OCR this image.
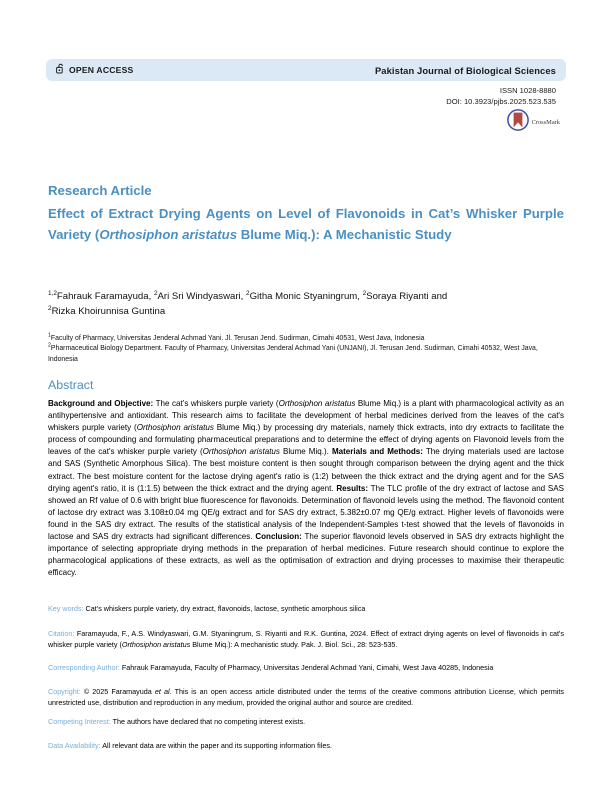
OPEN ACCESS	Pakistan Journal of Biological Sciences
ISSN 1028-8880
DOI: 10.3923/pjbs.2025.523.535
CrossMark
Research Article
Effect of Extract Drying Agents on Level of Flavonoids in Cat’s Whisker Purple Variety (Orthosiphon aristatus Blume Miq.): A Mechanistic Study
$^{1,2}$Fahrauk Faramayuda, $^2$Ari Sri Windyaswari, $^2$Githa Monic Styaningrum, $^2$Soraya Riyanti and
$^2$Rizka Khoirunnisa Guntina
$^1$Faculty of Pharmacy, Universitas Jenderal Achmad Yani. Jl. Terusan Jend. Sudirman, Cimahi 40531, West Java, Indonesia
$^2$Pharmaceutical Biology Department. Faculty of Pharmacy, Universitas Jenderal Achmad Yani (UNJANI), Jl. Terusan Jend. Sudirman, Cimahi 40532, West Java, Indonesia
Abstract
Background and Objective: The cat’s whiskers purple variety (Orthosiphon aristatus Blume Miq.) is a plant with pharmacological activity as an antihypertensive and antioxidant. This research aims to facilitate the development of herbal medicines derived from the leaves of the cat's whiskers purple variety (Orthosiphon aristatus Blume Miq.) by processing dry materials, namely thick extracts, into dry extracts to facilitate the process of compounding and formulating pharmaceutical preparations and to determine the effect of drying agents on Flavonoid levels from the leaves of the cat's whisker purple variety (Orthosiphon aristatus Blume Miq.). Materials and Methods: The drying materials used are lactose and SAS (Synthetic Amorphous Silica). The best moisture content is then sought through comparison between the drying agent and the thick extract. The best moisture content for the lactose drying agent's ratio is (1:2) between the thick extract and the drying agent and for the SAS drying agent's ratio, it is (1:1.5) between the thick extract and the drying agent. Results: The TLC profile of the dry extract of lactose and SAS showed an Rf value of 0.6 with bright blue fluorescence for flavonoids. Determination of flavonoid levels using the method. The flavonoid content of lactose dry extract was 3.108±0.04 mg QE/g extract and for SAS dry extract, 5.382±0.07 mg QE/g extract. Higher levels of flavonoids were found in the SAS dry extract. The results of the statistical analysis of the Independent-Samples t-test showed that the levels of flavonoids in lactose and SAS dry extracts had significant differences. Conclusion: The superior flavonoid levels observed in SAS dry extracts highlight the importance of selecting appropriate drying methods in the preparation of herbal medicines. Future research should continue to explore the pharmacological applications of these extracts, as well as the optimisation of extraction and drying processes to maximise their therapeutic efficacy.
Key words: Cat’s whiskers purple variety, dry extract, flavonoids, lactose, synthetic amorphous silica
Citation: Faramayuda, F., A.S. Windyaswari, G.M. Styaningrum, S. Riyanti and R.K. Guntina, 2024. Effect of extract drying agents on level of flavonoids in cat's whisker purple variety (Orthosiphon aristatus Blume Miq.): A mechanistic study. Pak. J. Biol. Sci., 28: 523-535.
Corresponding Author: Fahrauk Faramayuda, Faculty of Pharmacy, Universitas Jenderal Achmad Yani, Cimahi, West Java 40285, Indonesia
Copyright: © 2025 Faramayuda et al. This is an open access article distributed under the terms of the creative commons attribution License, which permits unrestricted use, distribution and reproduction in any medium, provided the original author and source are credited.
Competing Interest: The authors have declared that no competing interest exists.
Data Availability: All relevant data are within the paper and its supporting information files.
